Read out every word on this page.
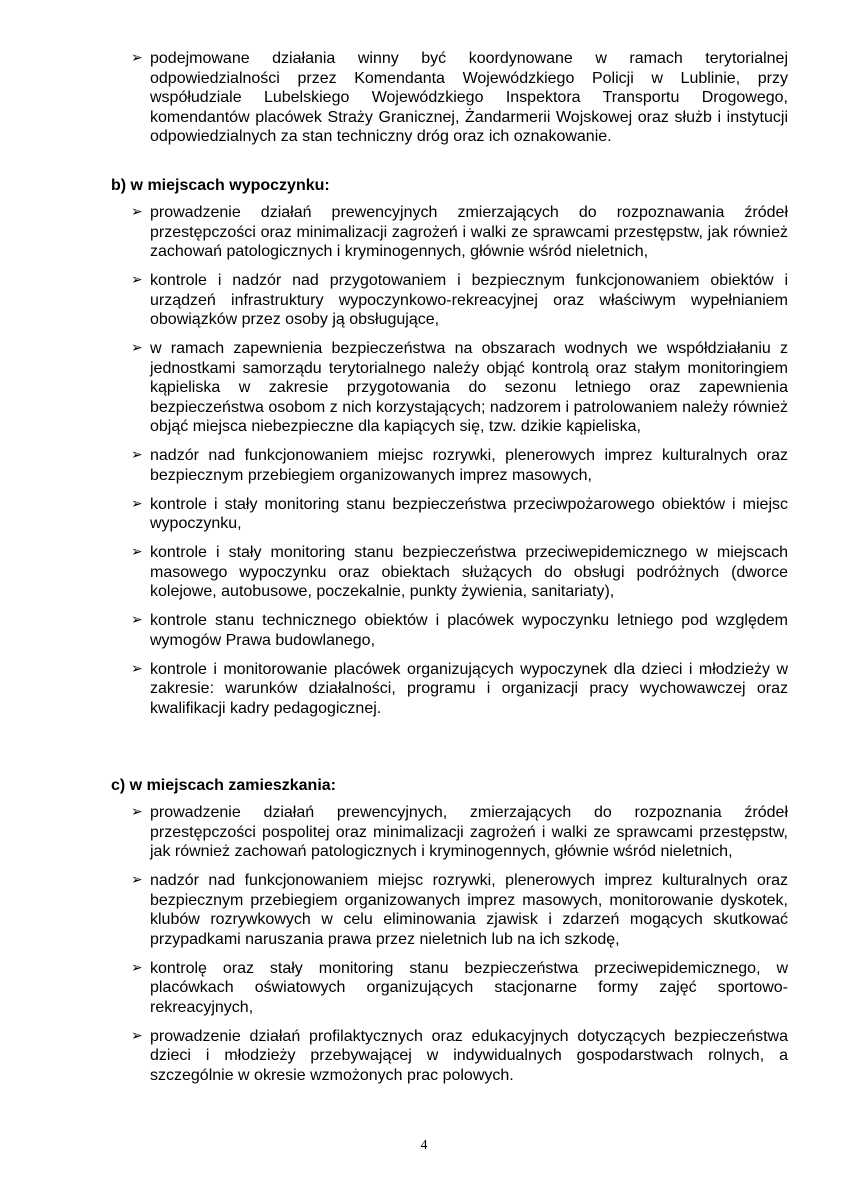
➢ podejmowane działania winny być koordynowane w ramach terytorialnej odpowiedzialności przez Komendanta Wojewódzkiego Policji w Lublinie, przy współudziale Lubelskiego Wojewódzkiego Inspektora Transportu Drogowego, komendantów placówek Straży Granicznej, Żandarmerii Wojskowej oraz służb i instytucji odpowiedzialnych za stan techniczny dróg oraz ich oznakowanie.

b) w miejscach wypoczynku:

➢ prowadzenie działań prewencyjnych zmierzających do rozpoznawania źródeł przestępczości oraz minimalizacji zagrożeń i walki ze sprawcami przestępstw, jak również zachowań patologicznych i kryminogennych, głównie wśród nieletnich,

➢ kontrole i nadzór nad przygotowaniem i bezpiecznym funkcjonowaniem obiektów i urządzeń infrastruktury wypoczynkowo-rekreacyjnej oraz właściwym wypełnianiem obowiązków przez osoby ją obsługujące,

➢ w ramach zapewnienia bezpieczeństwa na obszarach wodnych we współdziałaniu z jednostkami samorządu terytorialnego należy objąć kontrolą oraz stałym monitoringiem kąpieliska w zakresie przygotowania do sezonu letniego oraz zapewnienia bezpieczeństwa osobom z nich korzystających; nadzorem i patrolowaniem należy również objąć miejsca niebezpieczne dla kapiących się, tzw. dzikie kąpieliska,

➢ nadzór nad funkcjonowaniem miejsc rozrywki, plenerowych imprez kulturalnych oraz bezpiecznym przebiegiem organizowanych imprez masowych,

➢ kontrole i stały monitoring stanu bezpieczeństwa przeciwpożarowego obiektów i miejsc wypoczynku,

➢ kontrole i stały monitoring stanu bezpieczeństwa przeciwepidemicznego w miejscach masowego wypoczynku oraz obiektach służących do obsługi podróżnych (dworce kolejowe, autobusowe, poczekalnie, punkty żywienia, sanitariaty),

➢ kontrole stanu technicznego obiektów i placówek wypoczynku letniego pod względem wymogów Prawa budowlanego,

➢ kontrole i monitorowanie placówek organizujących wypoczynek dla dzieci i młodzieży w zakresie: warunków działalności, programu i organizacji pracy wychowawczej oraz kwalifikacji kadry pedagogicznej.

c) w miejscach zamieszkania:

➢ prowadzenie działań prewencyjnych, zmierzających do rozpoznania źródeł przestępczości pospolitej oraz minimalizacji zagrożeń i walki ze sprawcami przestępstw, jak również zachowań patologicznych i kryminogennych, głównie wśród nieletnich,

➢ nadzór nad funkcjonowaniem miejsc rozrywki, plenerowych imprez kulturalnych oraz bezpiecznym przebiegiem organizowanych imprez masowych, monitorowanie dyskotek, klubów rozrywkowych w celu eliminowania zjawisk i zdarzeń mogących skutkować przypadkami naruszania prawa przez nieletnich lub na ich szkodę,

➢ kontrolę oraz stały monitoring stanu bezpieczeństwa przeciwepidemicznego, w placówkach oświatowych organizujących stacjonarne formy zajęć sportowo-rekreacyjnych,

➢ prowadzenie działań profilaktycznych oraz edukacyjnych dotyczących bezpieczeństwa dzieci i młodzieży przebywającej w indywidualnych gospodarstwach rolnych, a szczególnie w okresie wzmożonych prac polowych.

4
